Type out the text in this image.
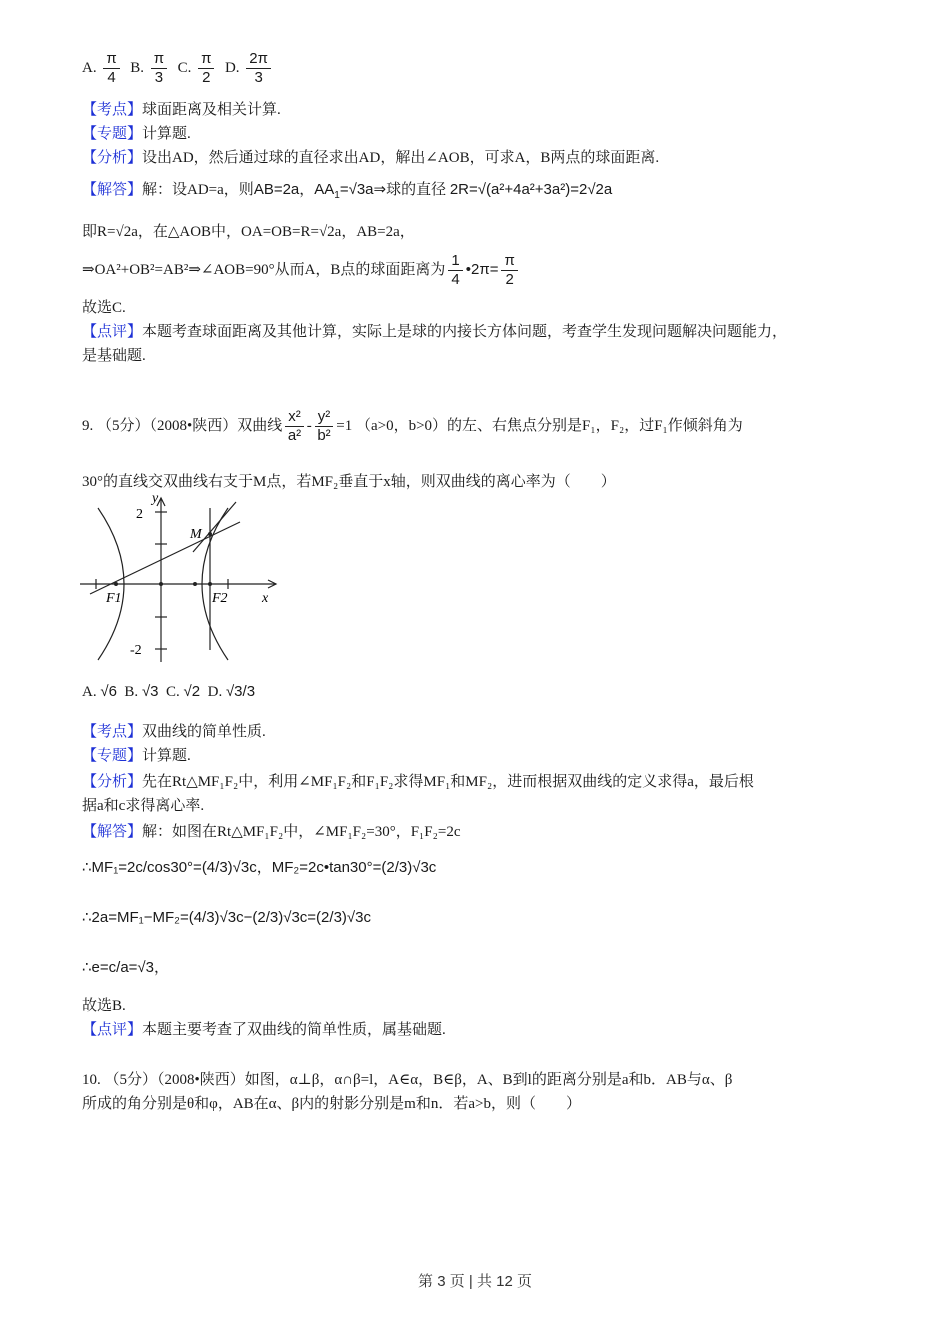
A. $\frac{\pi}{4} B$. $\frac{\pi}{3} C$. $\frac{\pi}{2} D$. $\frac{2\pi}{3}$
【考点】球面距离及相关计算.
【专题】计算题.
【分析】设出AD，然后通过球的直径求出AD，解出∠AOB，可求A，B两点的球面距离.
【解答】解：设AD=a，则AB=2a，$AA_1=√3a\Rightarrow$球的直径 2R=√(a²+4a²+3a²)=2√2a
即R=√2a，在△AOB中，OA=OB=R=√2a，AB=2a，
⇒OA²+OB²=AB²⇒∠AOB=90°从而A，B点的球面距离为 $\frac{1}{4}$ •2π= $\frac{\pi}{2}$
故选C.
【点评】本题考查球面距离及其他计算，实际上是球的内接长方体问题，考查学生发现问题解决问题能力，
是基础题.
9. （5分）（2008•陕西）双曲线 $\frac{\text{x²}}{\text{a²}} - \frac{\text{y²}}{\text{b²}} =1$ （a>0，b>0）的左、右焦点分别是F₁，F₂，过F₁作倾斜角为
30°的直线交双曲线右支于M点，若MF₂垂直于x轴，则双曲线的离心率为（　　）
y
2
-2
M
F1	F2 x
A. √6 B. √3 C. √2 D. √3/3
【考点】双曲线的简单性质.
【专题】计算题.
【分析】先在Rt△MF₁F₂中，利用∠MF₁F₂和F₁F₂求得MF₁和MF₂，进而根据双曲线的定义求得a，最后根
据a和c求得离心率.
【解答】解：如图在Rt△MF₁F₂中，∠MF₁F₂=30°，F₁F₂=2c
∴MF₁=2c/cos30°=(4/3)√3c，MF₂=2c•tan30°=(2/3)√3c
∴2a=MF₁−MF₂=(4/3)√3c−(2/3)√3c=(2/3)√3c
∴e=c/a=√3，
故选B.
【点评】本题主要考查了双曲线的简单性质，属基础题.
10. （5分）（2008•陕西）如图，α⊥β，α∩β=l，A∈α，B∈β，A、B到l的距离分别是a和b．AB与α、β
所成的角分别是θ和φ，AB在α、β内的射影分别是m和n．若a>b，则（　　）
第 3 页 | 共 12 页
